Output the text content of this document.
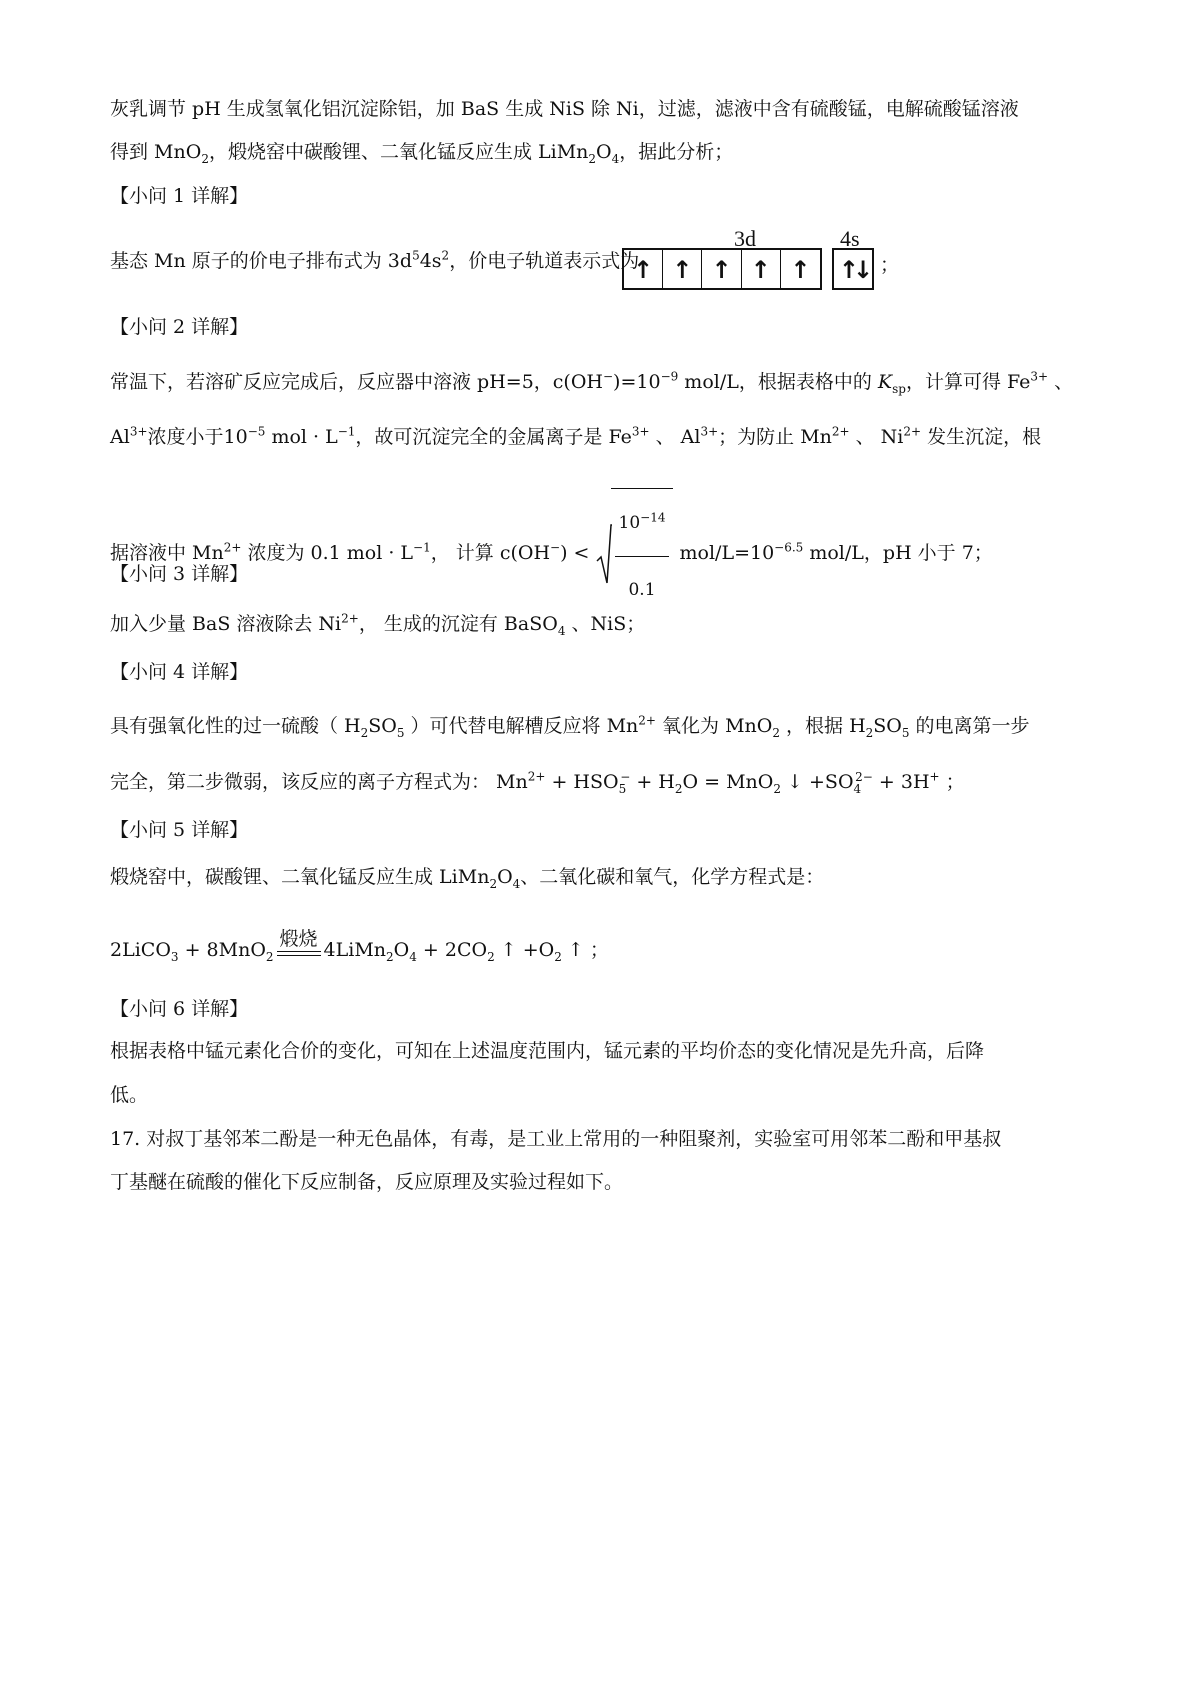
灰乳调节 pH 生成氢氧化铝沉淀除铝，加 BaS 生成 NiS 除 Ni，过滤，滤液中含有硫酸锰，电解硫酸锰溶液
得到 MnO$_2$，煅烧窑中碳酸锂、二氧化锰反应生成 $LiMn_2O_4$，据此分析；
【小问 1 详解】
基态 Mn 原子的价电子排布式为 $3d^54s^2$，价电子轨道表示式为
3d	4s
↑ ↑ ↑ ↑ ↑	↑↓ ；
【小问 2 详解】
常温下，若溶矿反应完成后，反应器中溶液 pH=5，$c(OH^-)=10^{-9}$ mol/L，根据表格中的 $K_{sp}$，计算可得 $Fe^{3+}$ 、
$Al^{3+}$浓度小于$10^{-5}$ mol · $L^{-1}$，故可沉淀完全的金属离子是 $Fe^{3+}$ 、 $Al^{3+}$；为防止 $Mn^{2+}$ 、 $Ni^{2+}$ 发生沉淀，根
据溶液中 $Mn^{2+}$ 浓度为 0.1 mol · $L^{-1}$， 计算 $c(OH^-) < \frac{10^{-14}}{0.1} mol/L=10^{-6.5}$ mol/L，pH 小于 7；
【小问 3 详解】
加入少量 BaS 溶液除去 $Ni^{2+}$， 生成的沉淀有 BaSO$_4$ 、NiS；
【小问 4 详解】
具有强氧化性的过一硫酸（ $H_2SO_5$ ）可代替电解槽反应将 $Mn^{2+}$ 氧化为 MnO$_2$ ，根据 $H_2SO_5$ 的电离第一步
完全，第二步微弱，该反应的离子方程式为： $Mn^{2+} + HSO_5^- + H_2O = MnO_2$ ↓ $+SO_4^{2-} + 3H^+$ ；
【小问 5 详解】
煅烧窑中，碳酸锂、二氧化锰反应生成 $LiMn_2O_4$、二氧化碳和氧气，化学方程式是：
2LiCO$_3$ + 8MnO$_2$
煅烧 $4LiMn_2O_4 + 2CO_2$ ↑ $+O_2$ ↑ ；
【小问 6 详解】
根据表格中锰元素化合价的变化，可知在上述温度范围内，锰元素的平均价态的变化情况是先升高，后降
低。
17. 对叔丁基邻苯二酚是一种无色晶体，有毒，是工业上常用的一种阻聚剂，实验室可用邻苯二酚和甲基叔
丁基醚在硫酸的催化下反应制备，反应原理及实验过程如下。
